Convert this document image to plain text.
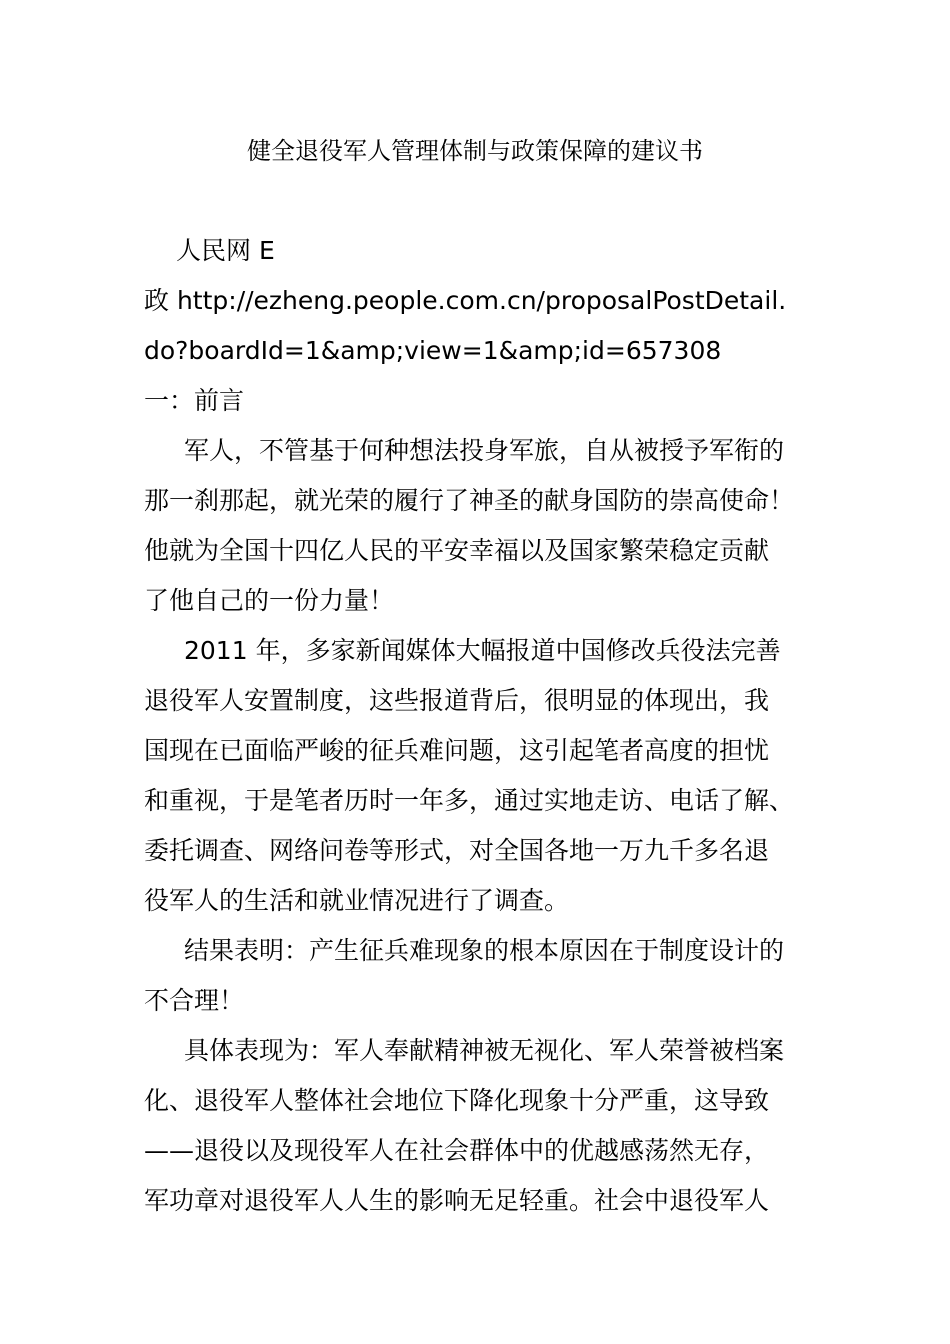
健全退役军人管理体制与政策保障的建议书
人民网 E
政 http://ezheng.people.com.cn/proposalPostDetail.
do?boardId=1&amp;view=1&amp;id=657308
一：前言
军人，不管基于何种想法投身军旅，自从被授予军衔的
那一刹那起，就光荣的履行了神圣的献身国防的崇高使命！
他就为全国十四亿人民的平安幸福以及国家繁荣稳定贡献
了他自己的一份力量！
2011 年，多家新闻媒体大幅报道中国修改兵役法完善
退役军人安置制度，这些报道背后，很明显的体现出，我
国现在已面临严峻的征兵难问题，这引起笔者高度的担忧
和重视，于是笔者历时一年多，通过实地走访、电话了解、
委托调查、网络问卷等形式，对全国各地一万九千多名退
役军人的生活和就业情况进行了调查。
结果表明：产生征兵难现象的根本原因在于制度设计的
不合理！
具体表现为：军人奉献精神被无视化、军人荣誉被档案
化、退役军人整体社会地位下降化现象十分严重，这导致
——退役以及现役军人在社会群体中的优越感荡然无存，
军功章对退役军人人生的影响无足轻重。社会中退役军人
